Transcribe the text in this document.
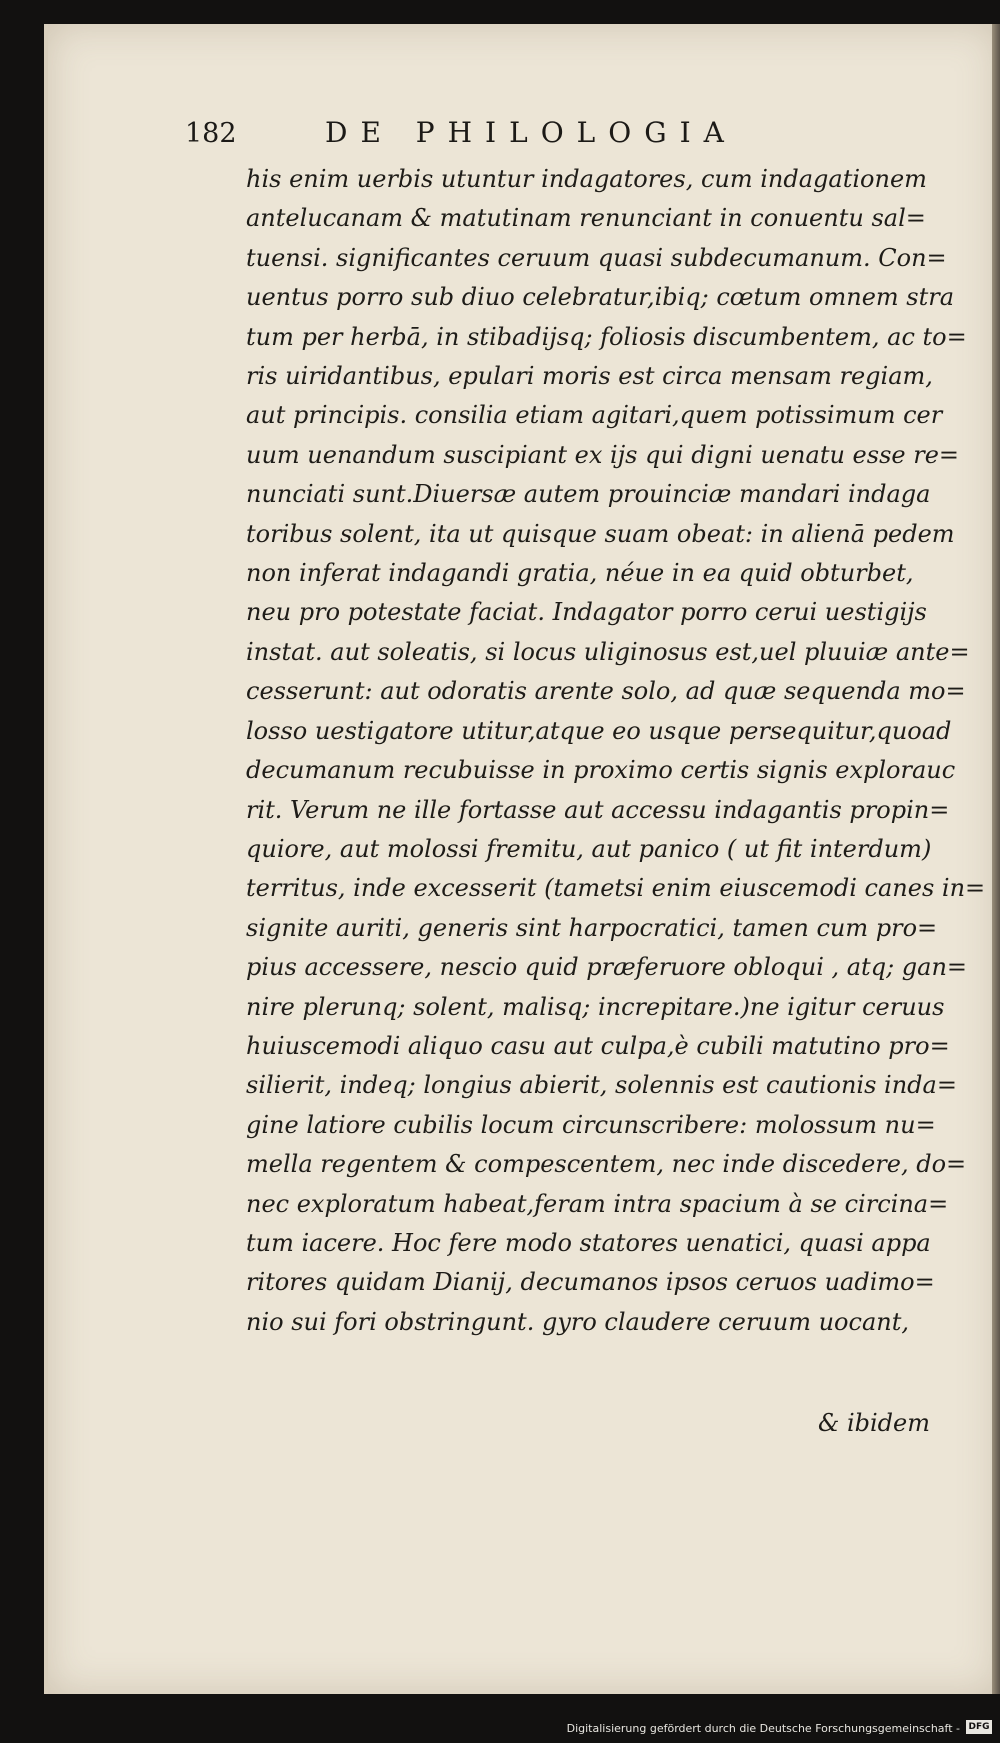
182	DE PHILOLOGIA
his enim uerbis utuntur indagatores, cum indagationem
antelucanam & matutinam renunciant in conuentu sal=
tuensi. significantes ceruum quasi subdecumanum. Con=
uentus porro sub diuo celebratur,ibiq; cœtum omnem stra
tum per herbā, in stibadijsq; foliosis discumbentem, ac to=
ris uiridantibus, epulari moris est circa mensam regiam,
aut principis. consilia etiam agitari,quem potissimum cer
uum uenandum suscipiant ex ijs qui digni uenatu esse re=
nunciati sunt.Diuersæ autem prouinciæ mandari indaga
toribus solent, ita ut quisque suam obeat: in alienā pedem
non inferat indagandi gratia, néue in ea quid obturbet,
neu pro potestate faciat. Indagator porro cerui uestigijs
instat. aut soleatis, si locus uliginosus est,uel pluuiæ ante=
cesserunt: aut odoratis arente solo, ad quæ sequenda mo=
losso uestigatore utitur,atque eo usque persequitur,quoad
decumanum recubuisse in proximo certis signis explorauc
rit. Verum ne ille fortasse aut accessu indagantis propin=
quiore, aut molossi fremitu, aut panico ( ut fit interdum)
territus, inde excesserit (tametsi enim eiuscemodi canes in=
signite auriti, generis sint harpocratici, tamen cum pro=
pius accessere, nescio quid præferuore obloqui , atq; gan=
nire plerunq; solent, malisq; increpitare.)ne igitur ceruus
huiuscemodi aliquo casu aut culpa,è cubili matutino pro=
silierit, indeq; longius abierit, solennis est cautionis inda=
gine latiore cubilis locum circunscribere: molossum nu=
mella regentem & compescentem, nec inde discedere, do=
nec exploratum habeat,feram intra spacium à se circina=
tum iacere. Hoc fere modo statores uenatici, quasi appa
ritores quidam Dianij, decumanos ipsos ceruos uadimo=
nio sui fori obstringunt. gyro claudere ceruum uocant,
& ibidem
Digitalisierung gefördert durch die Deutsche Forschungsgemeinschaft - DFG
